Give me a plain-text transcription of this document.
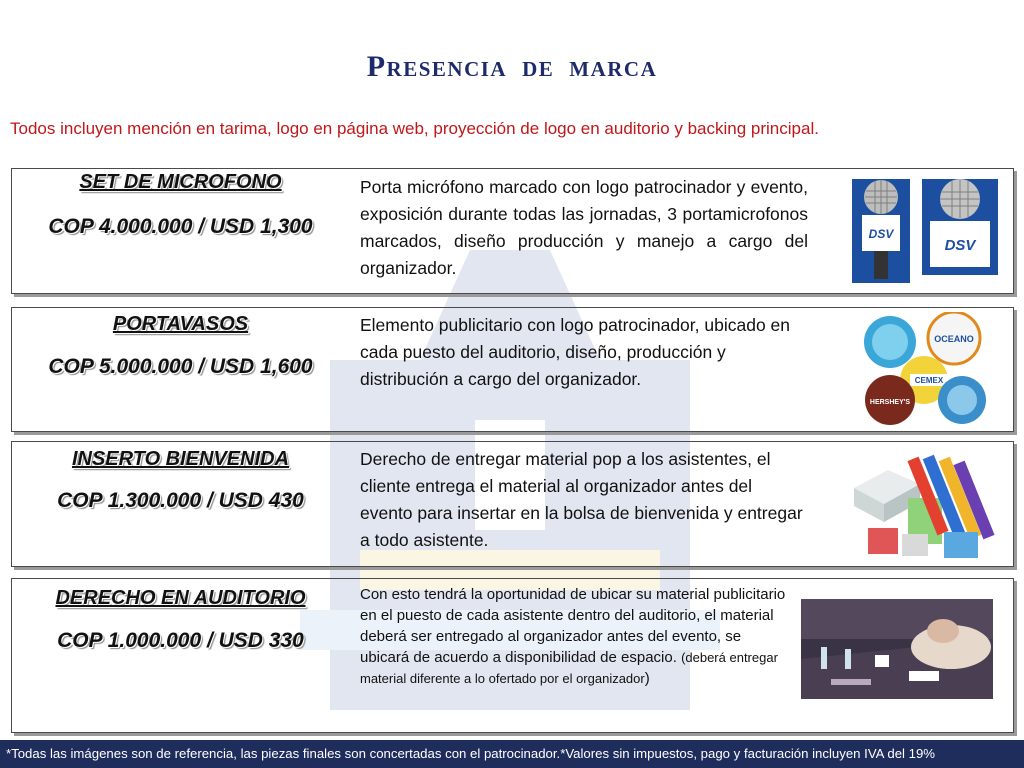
Presencia de marca
Todos incluyen mención en tarima, logo en página web, proyección de logo en auditorio y backing principal.
SET DE MICROFONO
COP 4.000.000 / USD 1,300
Porta micrófono marcado con logo patrocinador y evento, exposición durante todas las jornadas, 3 portamicrofonos marcados, diseño producción y manejo a cargo del organizador.
DSV
DSV
PORTAVASOS
COP 5.000.000 / USD 1,600
Elemento publicitario con logo patrocinador, ubicado en cada puesto del auditorio, diseño, producción y distribución a cargo del organizador.
OCEANO
CEMEX
HERSHEY'S
INSERTO BIENVENIDA
COP 1.300.000 / USD 430
Derecho de entregar material pop a los asistentes, el cliente entrega el material al organizador antes del evento para insertar en la bolsa de bienvenida y entregar a todo asistente.
DERECHO EN AUDITORIO
COP 1.000.000 / USD 330
Con esto tendrá la oportunidad de ubicar su material publicitario en el puesto de cada asistente dentro del auditorio, el material deberá ser entregado al organizador antes del evento, se ubicará de acuerdo a disponibilidad de espacio. (deberá entregar material diferente a lo ofertado por el organizador)
*Todas las imágenes son de referencia, las piezas finales son concertadas con el patrocinador.*Valores sin impuestos, pago y facturación incluyen IVA del 19%
